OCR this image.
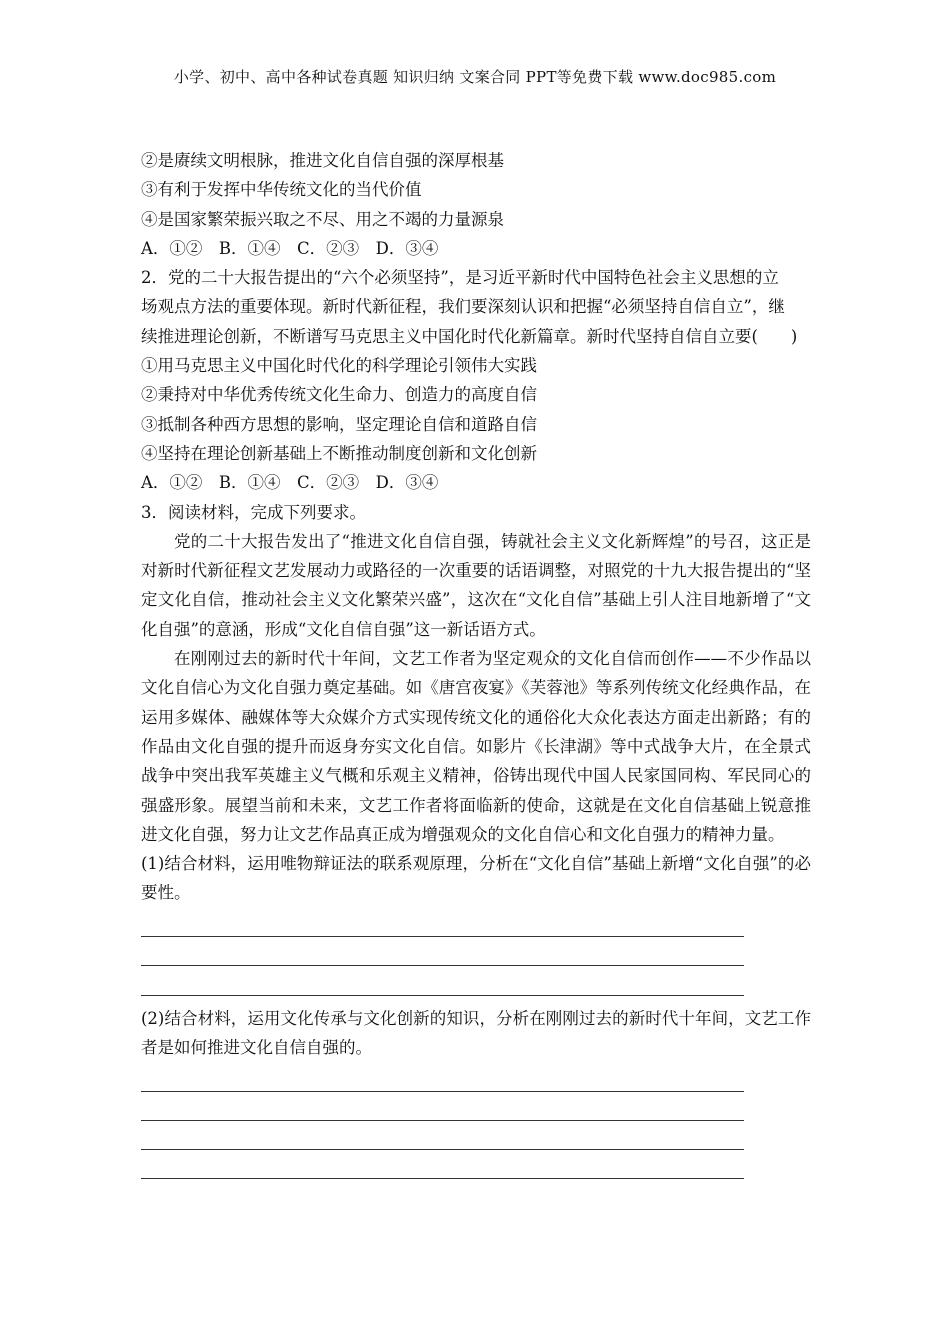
小学、初中、高中各种试卷真题 知识归纳 文案合同 PPT等免费下载 www.doc985.com
②是赓续文明根脉，推进文化自信自强的深厚根基
③有利于发挥中华传统文化的当代价值
④是国家繁荣振兴取之不尽、用之不竭的力量源泉
A．①②　B．①④　C．②③　D．③④
2．党的二十大报告提出的“六个必须坚持”，是习近平新时代中国特色社会主义思想的立
场观点方法的重要体现。新时代新征程，我们要深刻认识和把握“必须坚持自信自立”，继
续推进理论创新，不断谱写马克思主义中国化时代化新篇章。新时代坚持自信自立要(　　)
①用马克思主义中国化时代化的科学理论引领伟大实践
②秉持对中华优秀传统文化生命力、创造力的高度自信
③抵制各种西方思想的影响，坚定理论自信和道路自信
④坚持在理论创新基础上不断推动制度创新和文化创新
A．①②　B．①④　C．②③　D．③④
3．阅读材料，完成下列要求。
党的二十大报告发出了“推进文化自信自强，铸就社会主义文化新辉煌”的号召，这正是对新时代新征程文艺发展动力或路径的一次重要的话语调整，对照党的十九大报告提出的“坚定文化自信，推动社会主义文化繁荣兴盛”，这次在“文化自信”基础上引人注目地新增了“文化自强”的意涵，形成“文化自信自强”这一新话语方式。
在刚刚过去的新时代十年间，文艺工作者为坚定观众的文化自信而创作——不少作品以文化自信心为文化自强力奠定基础。如《唐宫夜宴》《芙蓉池》等系列传统文化经典作品，在运用多媒体、融媒体等大众媒介方式实现传统文化的通俗化大众化表达方面走出新路；有的作品由文化自强的提升而返身夯实文化自信。如影片《长津湖》等中式战争大片，在全景式战争中突出我军英雄主义气概和乐观主义精神，俗铸出现代中国人民家国同构、军民同心的强盛形象。展望当前和未来，文艺工作者将面临新的使命，这就是在文化自信基础上锐意推进文化自强，努力让文艺作品真正成为增强观众的文化自信心和文化自强力的精神力量。
(1)结合材料，运用唯物辩证法的联系观原理，分析在“文化自信”基础上新增“文化自强”的必要性。
(2)结合材料，运用文化传承与文化创新的知识，分析在刚刚过去的新时代十年间，文艺工作者是如何推进文化自信自强的。
